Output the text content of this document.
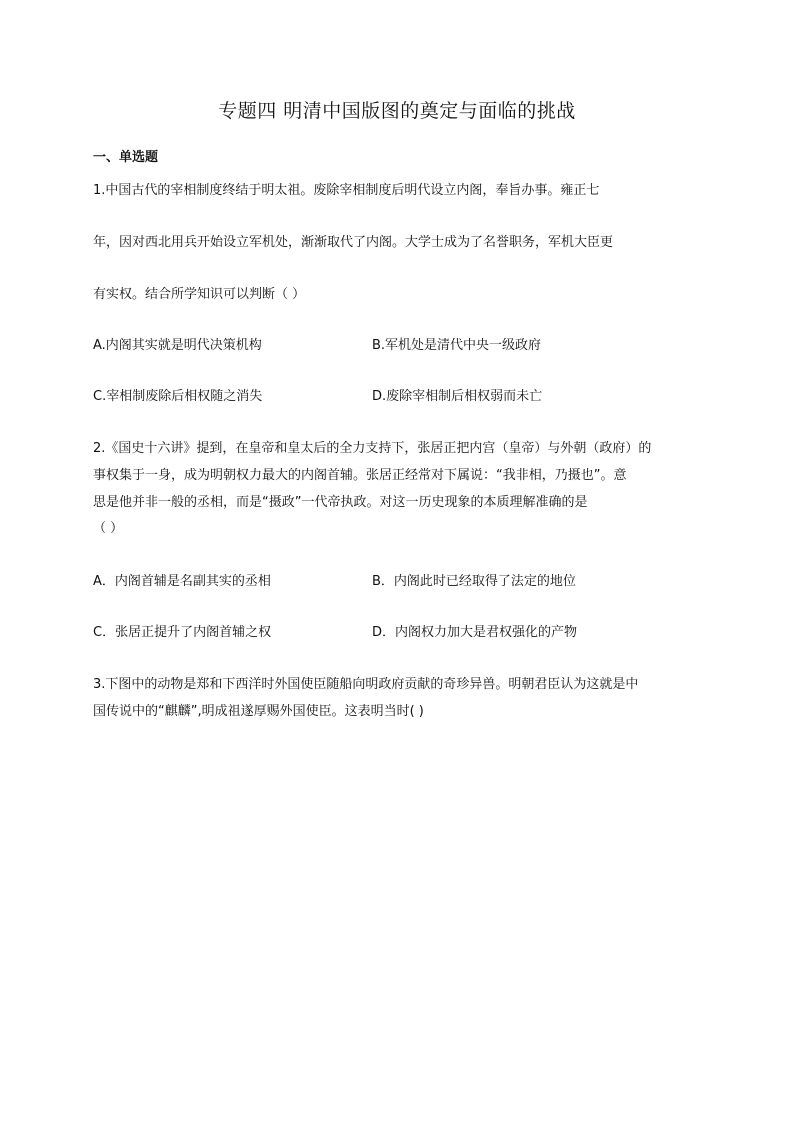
专题四 明清中国版图的奠定与面临的挑战
一、单选题
1.中国古代的宰相制度终结于明太祖。废除宰相制度后明代设立内阁，奉旨办事。雍正七
年，因对西北用兵开始设立军机处，渐渐取代了内阁。大学士成为了名誉职务，军机大臣更
有实权。结合所学知识可以判断（ ）
A.内阁其实就是明代决策机构	B.军机处是清代中央一级政府
C.宰相制废除后相权随之消失	D.废除宰相制后相权弱而未亡
2.《国史十六讲》提到，在皇帝和皇太后的全力支持下，张居正把内宫（皇帝）与外朝（政府）的
事权集于一身，成为明朝权力最大的内阁首辅。张居正经常对下属说：“我非相，乃摄也”。意
思是他并非一般的丞相，而是“摄政”一代帝执政。对这一历史现象的本质理解准确的是
（ ）
A．内阁首辅是名副其实的丞相	B．内阁此时已经取得了法定的地位
C．张居正提升了内阁首辅之权	D．内阁权力加大是君权强化的产物
3.下图中的动物是郑和下西洋时外国使臣随船向明政府贡献的奇珍异兽。明朝君臣认为这就是中
国传说中的“麒麟”,明成祖遂厚赐外国使臣。这表明当时( )
